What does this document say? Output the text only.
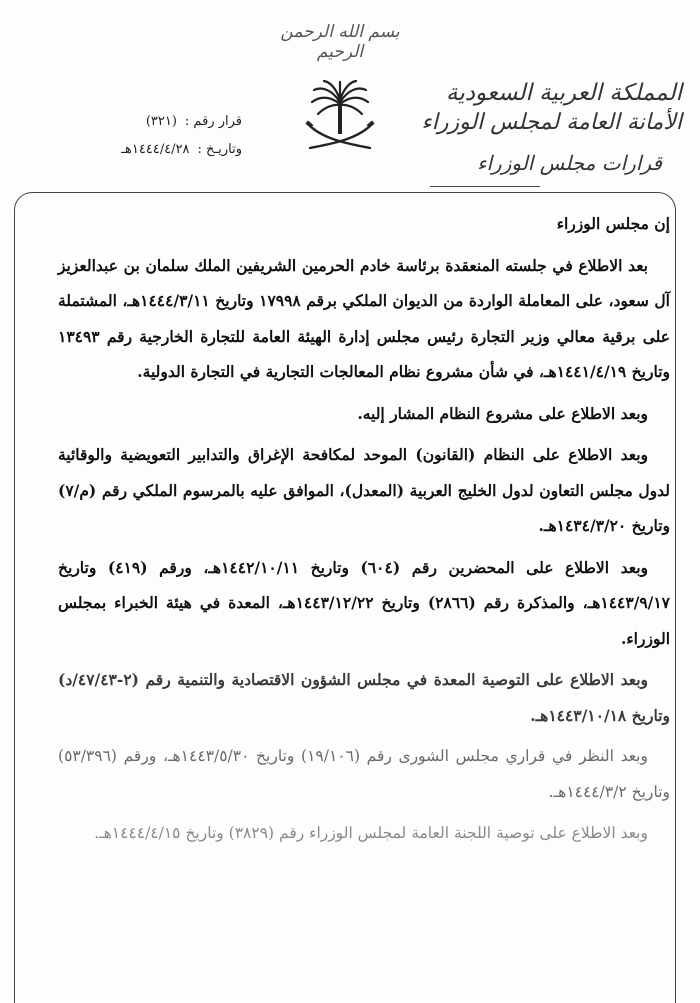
بسم الله الرحمن الرحيم
المملكة العربية السعودية
الأمانة العامة لمجلس الوزراء
قرارات مجلس الوزراء
قرار رقم :
(٣٢١)
وتاريـخ :
١٤٤٤/٤/٢٨هـ

إن مجلس الوزراء

بعد الاطلاع في جلسته المنعقدة برئاسة خادم الحرمين الشريفين الملك سلمان بن عبدالعزيز آل سعود، على المعاملة الواردة من الديوان الملكي برقم ١٧٩٩٨ وتاريخ ١٤٤٤/٣/١١هـ، المشتملة على برقية معالي وزير التجارة رئيس مجلس إدارة الهيئة العامة للتجارة الخارجية رقم ١٣٤٩٣ وتاريخ ١٤٤١/٤/١٩هـ، في شأن مشروع نظام المعالجات التجارية في التجارة الدولية.

وبعد الاطلاع على مشروع النظام المشار إليه.

وبعد الاطلاع على النظام (القانون) الموحد لمكافحة الإغراق والتدابير التعويضية والوقائية لدول مجلس التعاون لدول الخليج العربية (المعدل)، الموافق عليه بالمرسوم الملكي رقم (م/٧) وتاريخ ١٤٣٤/٣/٢٠هـ.

وبعد الاطلاع على المحضرين رقم (٦٠٤) وتاريخ ١٤٤٢/١٠/١١هـ، ورقم (٤١٩) وتاريخ ١٤٤٣/٩/١٧هـ، والمذكرة رقم (٢٨٦٦) وتاريخ ١٤٤٣/١٢/٢٢هـ، المعدة في هيئة الخبراء بمجلس الوزراء.

وبعد الاطلاع على التوصية المعدة في مجلس الشؤون الاقتصادية والتنمية رقم (٢-٤٧/٤٣/د) وتاريخ ١٤٤٣/١٠/١٨هـ.

وبعد النظر في قراري مجلس الشورى رقم (١٩/١٠٦) وتاريخ ١٤٤٣/٥/٣٠هـ، ورقم (٥٣/٣٩٦) وتاريخ ١٤٤٤/٣/٢هـ.

وبعد الاطلاع على توصية اللجنة العامة لمجلس الوزراء رقم (٣٨٢٩) وتاريخ ١٤٤٤/٤/١٥هـ.
